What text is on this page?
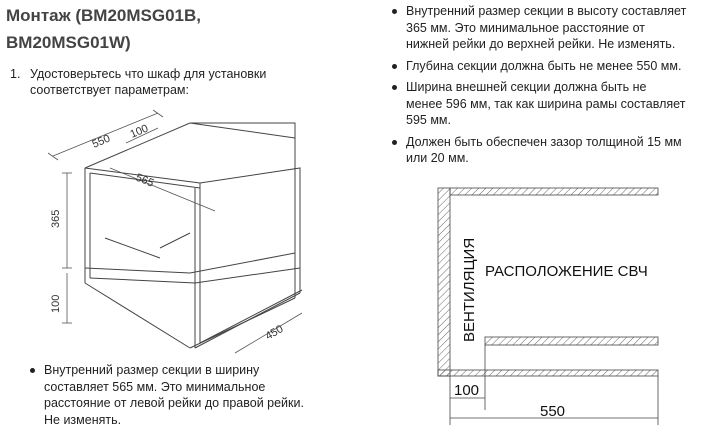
Монтаж (BM20MSG01B,
BM20MSG01W)
1. Удостоверьтесь что шкаф для установки
соответствует параметрам:
550
100
565
365
100
450
Внутренний размер секции в ширину
составляет 565 мм. Это минимальное
расстояние от левой рейки до правой рейки.
Не изменять.
Внутренний размер секции в высоту составляет
365 мм. Это минимальное расстояние от
нижней рейки до верхней рейки. Не изменять.
Глубина секции должна быть не менее 550 мм.
Ширина внешней секции должна быть не
менее 596 мм, так как ширина рамы составляет
595 мм.
Должен быть обеспечен зазор толщиной 15 мм
или 20 мм.
ВЕНТИЛЯЦИЯ РАСПОЛОЖЕНИЕ СВЧ
100
550
